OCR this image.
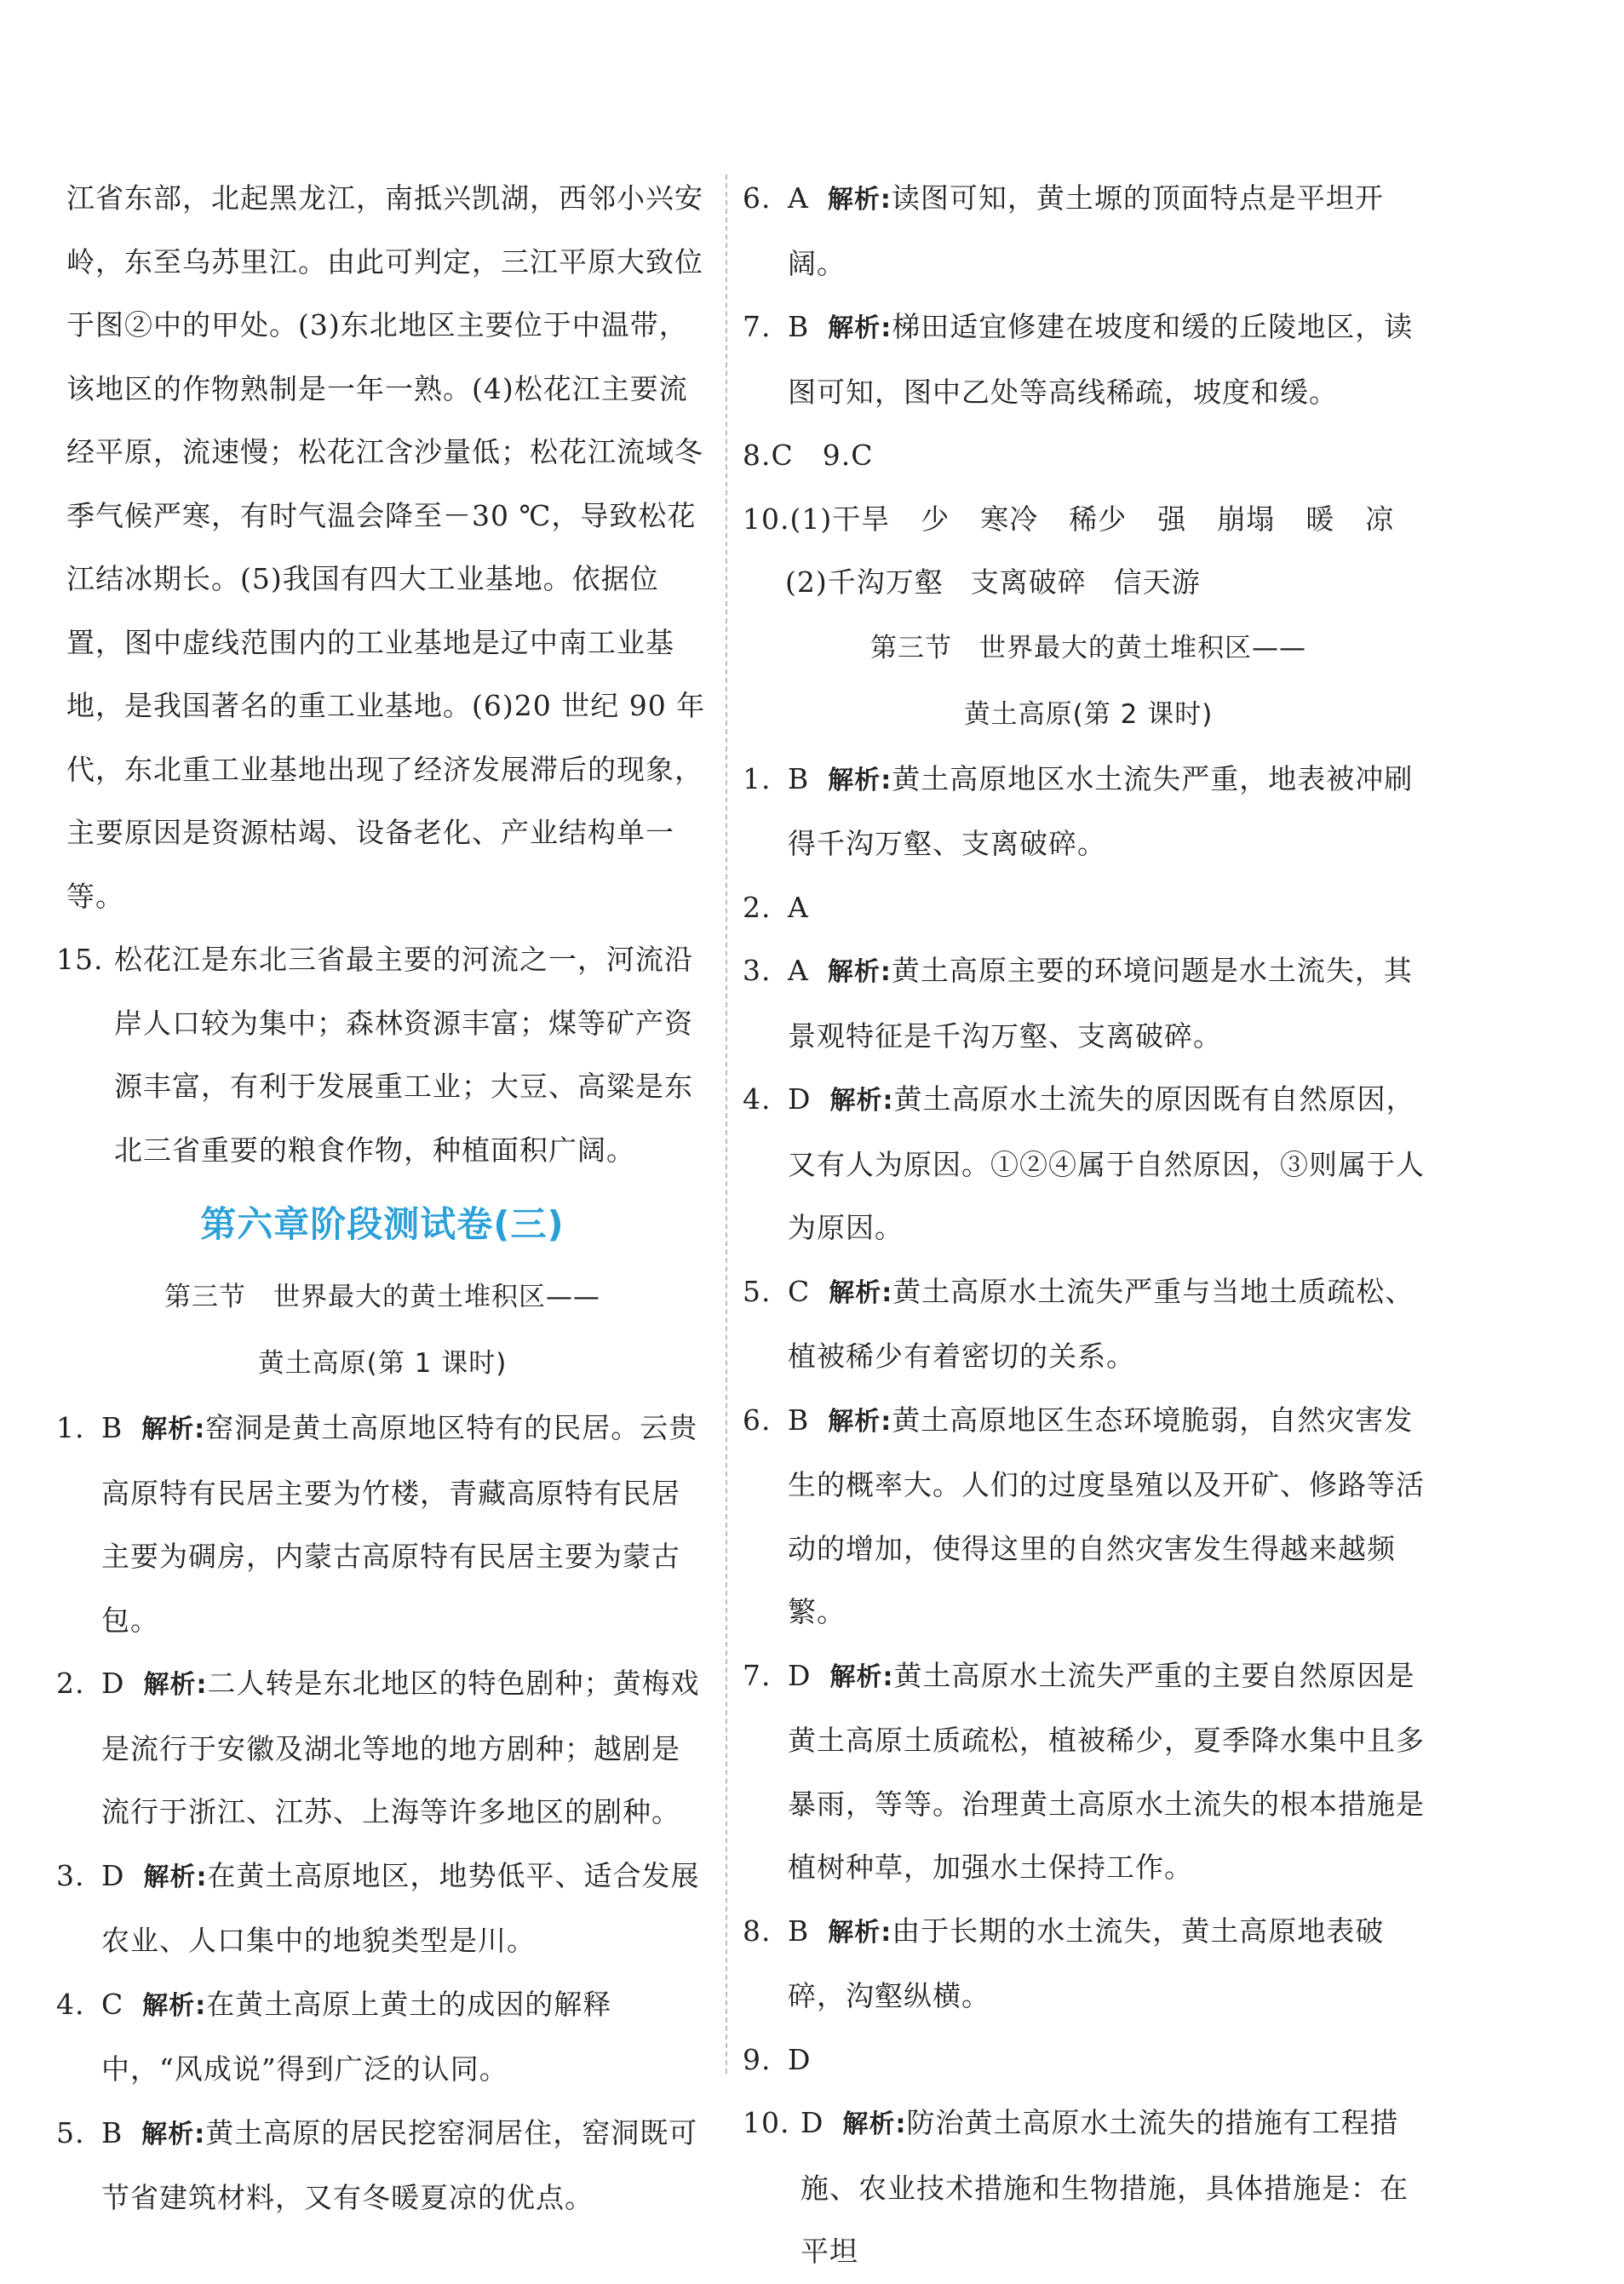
江省东部，北起黑龙江，南抵兴凯湖，西邻小兴安岭，东至乌苏里江。由此可判定，三江平原大致位于图②中的甲处。(3)东北地区主要位于中温带，该地区的作物熟制是一年一熟。(4)松花江主要流经平原，流速慢；松花江含沙量低；松花江流域冬季气候严寒，有时气温会降至－30 ℃，导致松花江结冰期长。(5)我国有四大工业基地。依据位置，图中虚线范围内的工业基地是辽中南工业基地，是我国著名的重工业基地。(6)20 世纪 90 年代，东北重工业基地出现了经济发展滞后的现象，主要原因是资源枯竭、设备老化、产业结构单一等。

15. 松花江是东北三省最主要的河流之一，河流沿岸人口较为集中；森林资源丰富；煤等矿产资源丰富，有利于发展重工业；大豆、高粱是东北三省重要的粮食作物，种植面积广阔。

第六章阶段测试卷(三)

第三节 世界最大的黄土堆积区——

黄土高原(第 1 课时)

1. B 解析:窑洞是黄土高原地区特有的民居。云贵高原特有民居主要为竹楼，青藏高原特有民居主要为碉房，内蒙古高原特有民居主要为蒙古包。

2. D 解析:二人转是东北地区的特色剧种；黄梅戏是流行于安徽及湖北等地的地方剧种；越剧是流行于浙江、江苏、上海等许多地区的剧种。

3. D 解析:在黄土高原地区，地势低平、适合发展农业、人口集中的地貌类型是川。

4. C 解析:在黄土高原上黄土的成因的解释中，“风成说”得到广泛的认同。

5. B 解析:黄土高原的居民挖窑洞居住，窑洞既可节省建筑材料，又有冬暖夏凉的优点。

6. A 解析:读图可知，黄土塬的顶面特点是平坦开阔。

7. B 解析:梯田适宜修建在坡度和缓的丘陵地区，读图可知，图中乙处等高线稀疏，坡度和缓。

8.C　9.C

10.(1)干旱 少 寒冷 稀少 强 崩塌 暖 凉

(2)千沟万壑 支离破碎 信天游

第三节 世界最大的黄土堆积区——

黄土高原(第 2 课时)

1. B 解析:黄土高原地区水土流失严重，地表被冲刷得千沟万壑、支离破碎。

2. A

3. A 解析:黄土高原主要的环境问题是水土流失，其景观特征是千沟万壑、支离破碎。

4. D 解析:黄土高原水土流失的原因既有自然原因，又有人为原因。①②④属于自然原因，③则属于人为原因。

5. C 解析:黄土高原水土流失严重与当地土质疏松、植被稀少有着密切的关系。

6. B 解析:黄土高原地区生态环境脆弱，自然灾害发生的概率大。人们的过度垦殖以及开矿、修路等活动的增加，使得这里的自然灾害发生得越来越频繁。

7. D 解析:黄土高原水土流失严重的主要自然原因是黄土高原土质疏松，植被稀少，夏季降水集中且多暴雨，等等。治理黄土高原水土流失的根本措施是植树种草，加强水土保持工作。

8. B 解析:由于长期的水土流失，黄土高原地表破碎，沟壑纵横。

9. D

10. D 解析:防治黄土高原水土流失的措施有工程措施、农业技术措施和生物措施，具体措施是：在平坦
